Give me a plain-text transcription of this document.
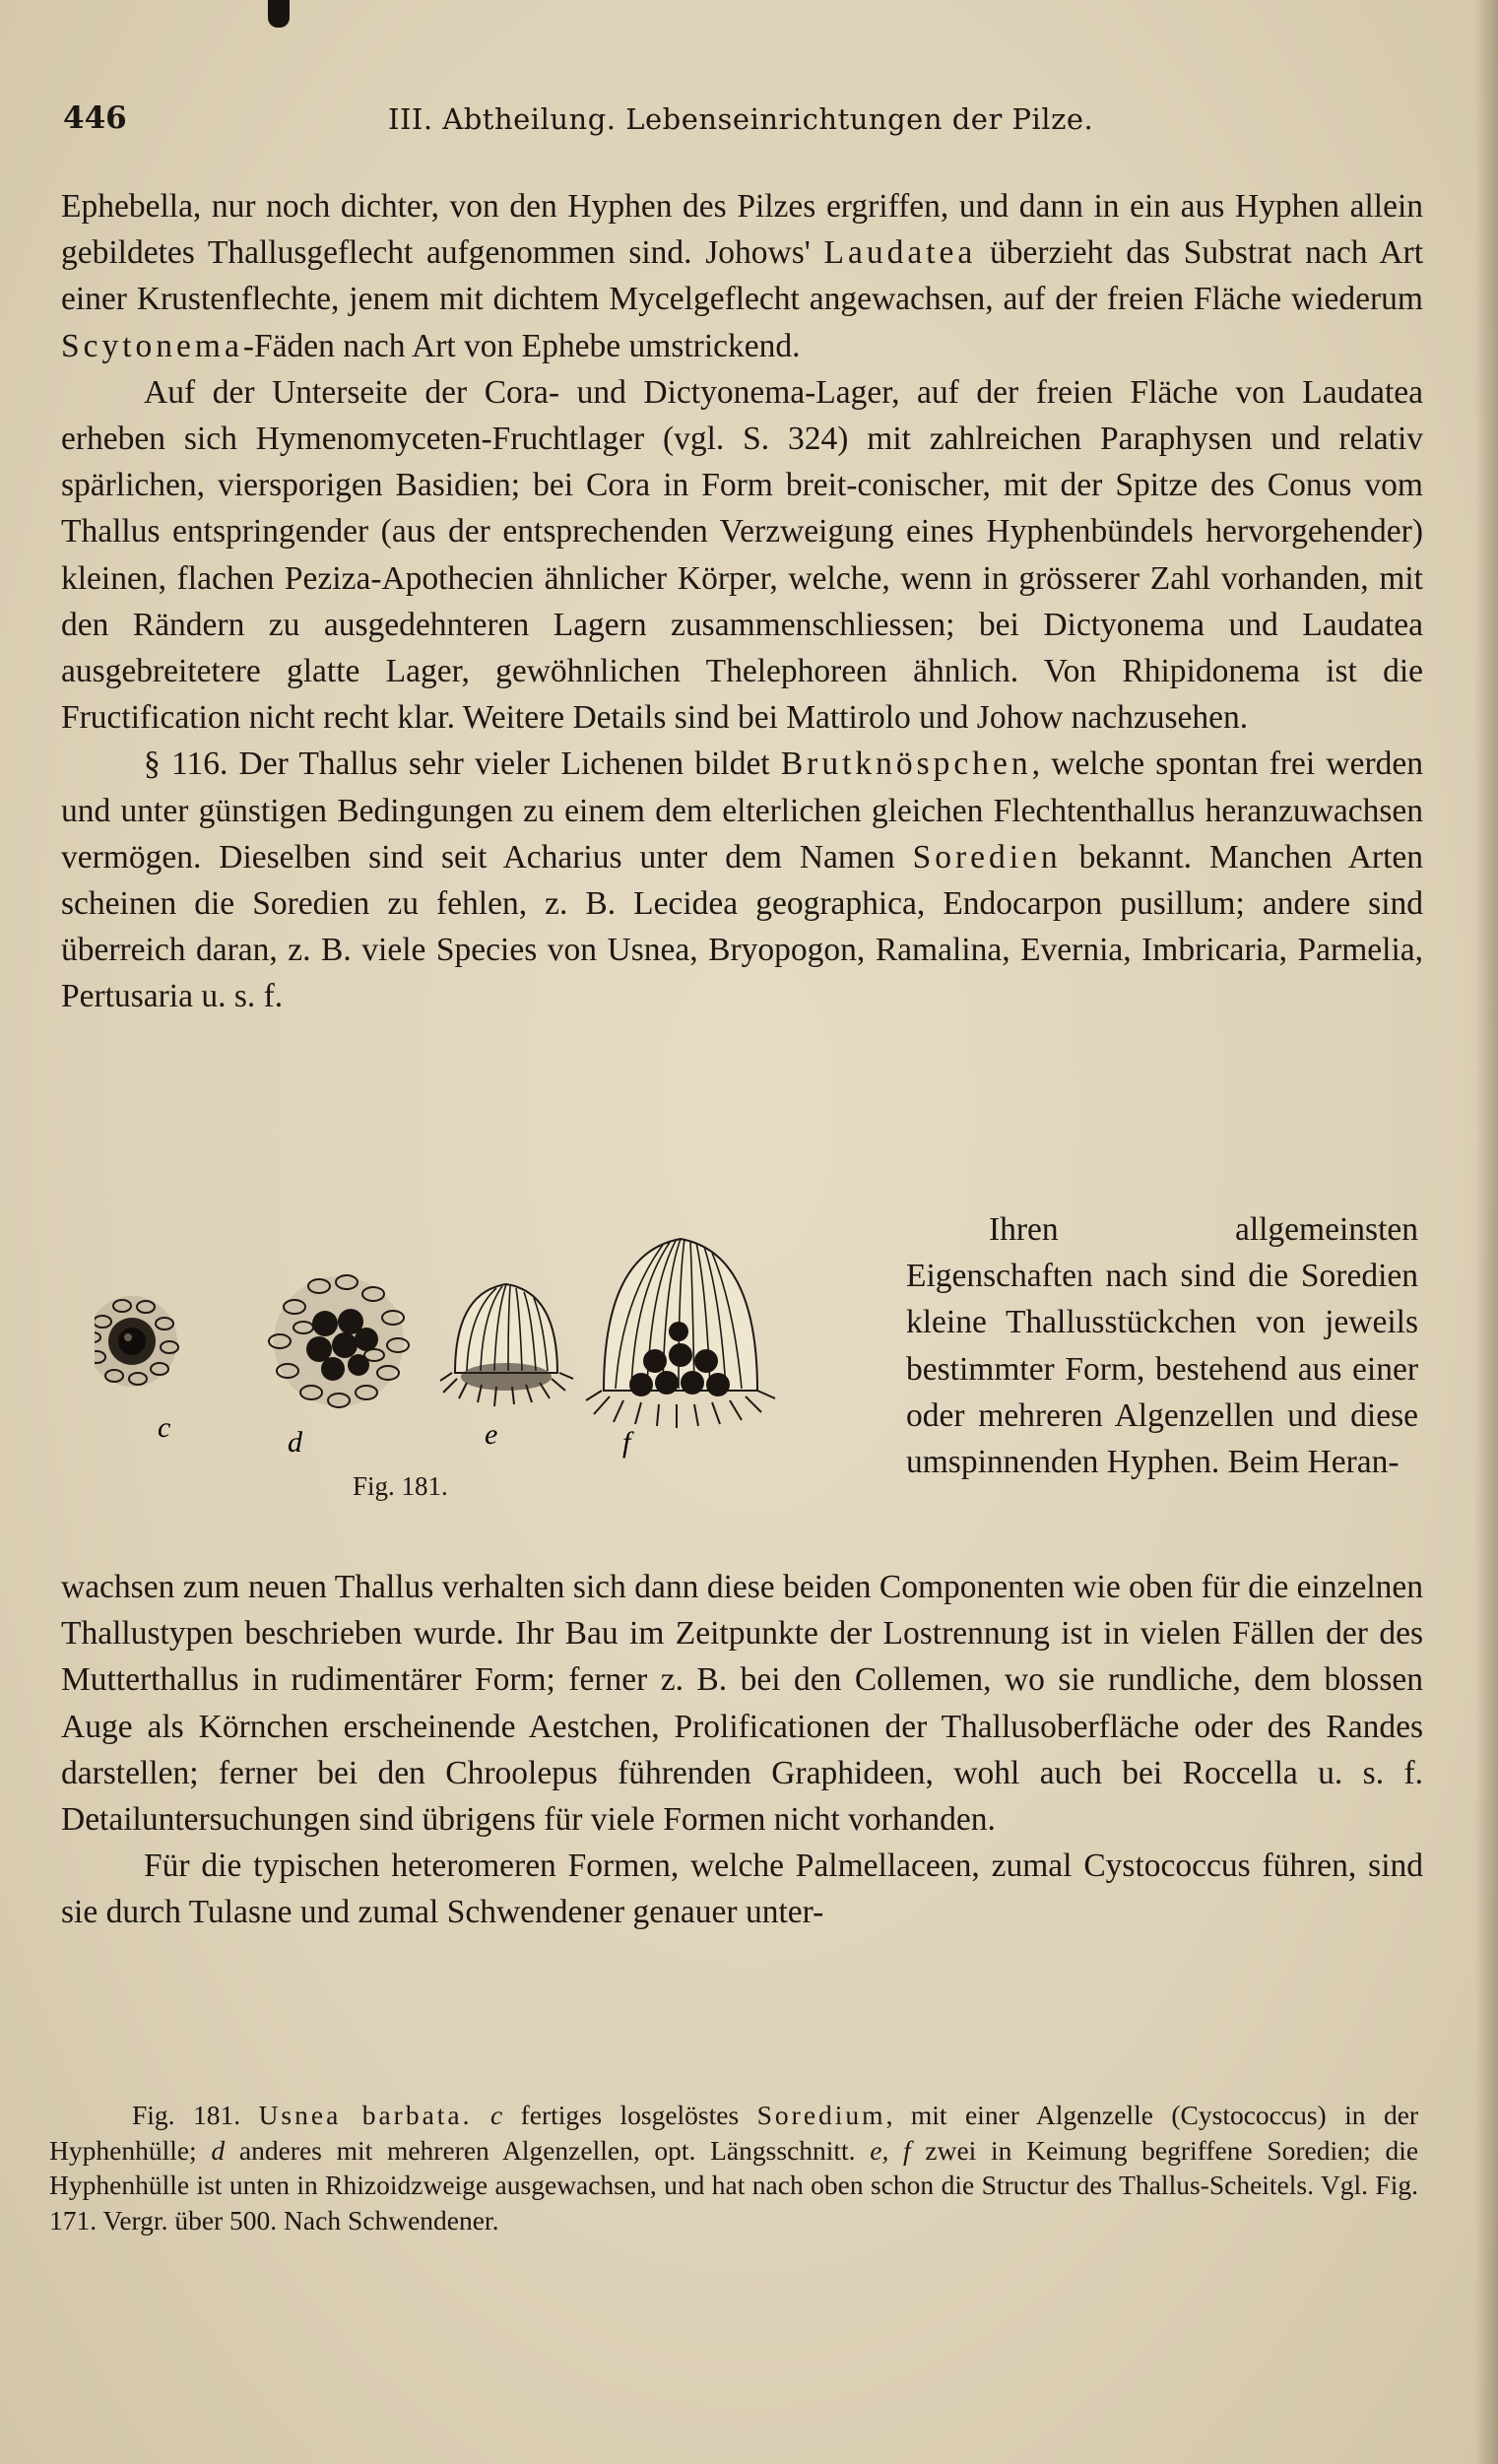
446	III. Abtheilung. Lebenseinrichtungen der Pilze.

Ephebella, nur noch dichter, von den Hyphen des Pilzes ergriffen, und dann in ein aus Hyphen allein gebildetes Thallusgeflecht aufgenommen sind. Johows' Laudatea überzieht das Substrat nach Art einer Krustenflechte, jenem mit dichtem Mycelgeflecht angewachsen, auf der freien Fläche wiederum Scytonema-Fäden nach Art von Ephebe umstrickend.

Auf der Unterseite der Cora- und Dictyonema-Lager, auf der freien Fläche von Laudatea erheben sich Hymenomyceten-Fruchtlager (vgl. S. 324) mit zahlreichen Paraphysen und relativ spärlichen, viersporigen Basidien; bei Cora in Form breit-conischer, mit der Spitze des Conus vom Thallus entspringender (aus der entsprechenden Verzweigung eines Hyphenbündels hervorgehender) kleinen, flachen Peziza-Apothecien ähnlicher Körper, welche, wenn in grösserer Zahl vorhanden, mit den Rändern zu ausgedehnteren Lagern zusammenschliessen; bei Dictyonema und Laudatea ausgebreitetere glatte Lager, gewöhnlichen Thelephoreen ähnlich. Von Rhipidonema ist die Fructification nicht recht klar. Weitere Details sind bei Mattirolo und Johow nachzusehen.

§ 116. Der Thallus sehr vieler Lichenen bildet Brutknöspchen, welche spontan frei werden und unter günstigen Bedingungen zu einem dem elterlichen gleichen Flechtenthallus heranzuwachsen vermögen. Dieselben sind seit Acharius unter dem Namen Soredien bekannt. Manchen Arten scheinen die Soredien zu fehlen, z. B. Lecidea geographica, Endocarpon pusillum; andere sind überreich daran, z. B. viele Species von Usnea, Bryopogon, Ramalina, Evernia, Imbricaria, Parmelia, Pertusaria u. s. f.

c	d	e	f
Fig. 181.

Ihren allgemeinsten Eigenschaften nach sind die Soredien kleine Thallusstückchen von jeweils bestimmter Form, bestehend aus einer oder mehreren Algenzellen und diese umspinnenden Hyphen. Beim Heran-

wachsen zum neuen Thallus verhalten sich dann diese beiden Componenten wie oben für die einzelnen Thallustypen beschrieben wurde. Ihr Bau im Zeitpunkte der Lostrennung ist in vielen Fällen der des Mutterthallus in rudimentärer Form; ferner z. B. bei den Collemen, wo sie rundliche, dem blossen Auge als Körnchen erscheinende Aestchen, Prolificationen der Thallusoberfläche oder des Randes darstellen; ferner bei den Chroolepus führenden Graphideen, wohl auch bei Roccella u. s. f. Detailuntersuchungen sind übrigens für viele Formen nicht vorhanden.

Für die typischen heteromeren Formen, welche Palmellaceen, zumal Cystococcus führen, sind sie durch Tulasne und zumal Schwendener genauer unter-

Fig. 181. Usnea barbata. c fertiges losgelöstes Soredium, mit einer Algenzelle (Cystococcus) in der Hyphenhülle; d anderes mit mehreren Algenzellen, opt. Längsschnitt. e, f zwei in Keimung begriffene Soredien; die Hyphenhülle ist unten in Rhizoidzweige ausgewachsen, und hat nach oben schon die Structur des Thallus-Scheitels. Vgl. Fig. 171. Vergr. über 500. Nach Schwendener.
